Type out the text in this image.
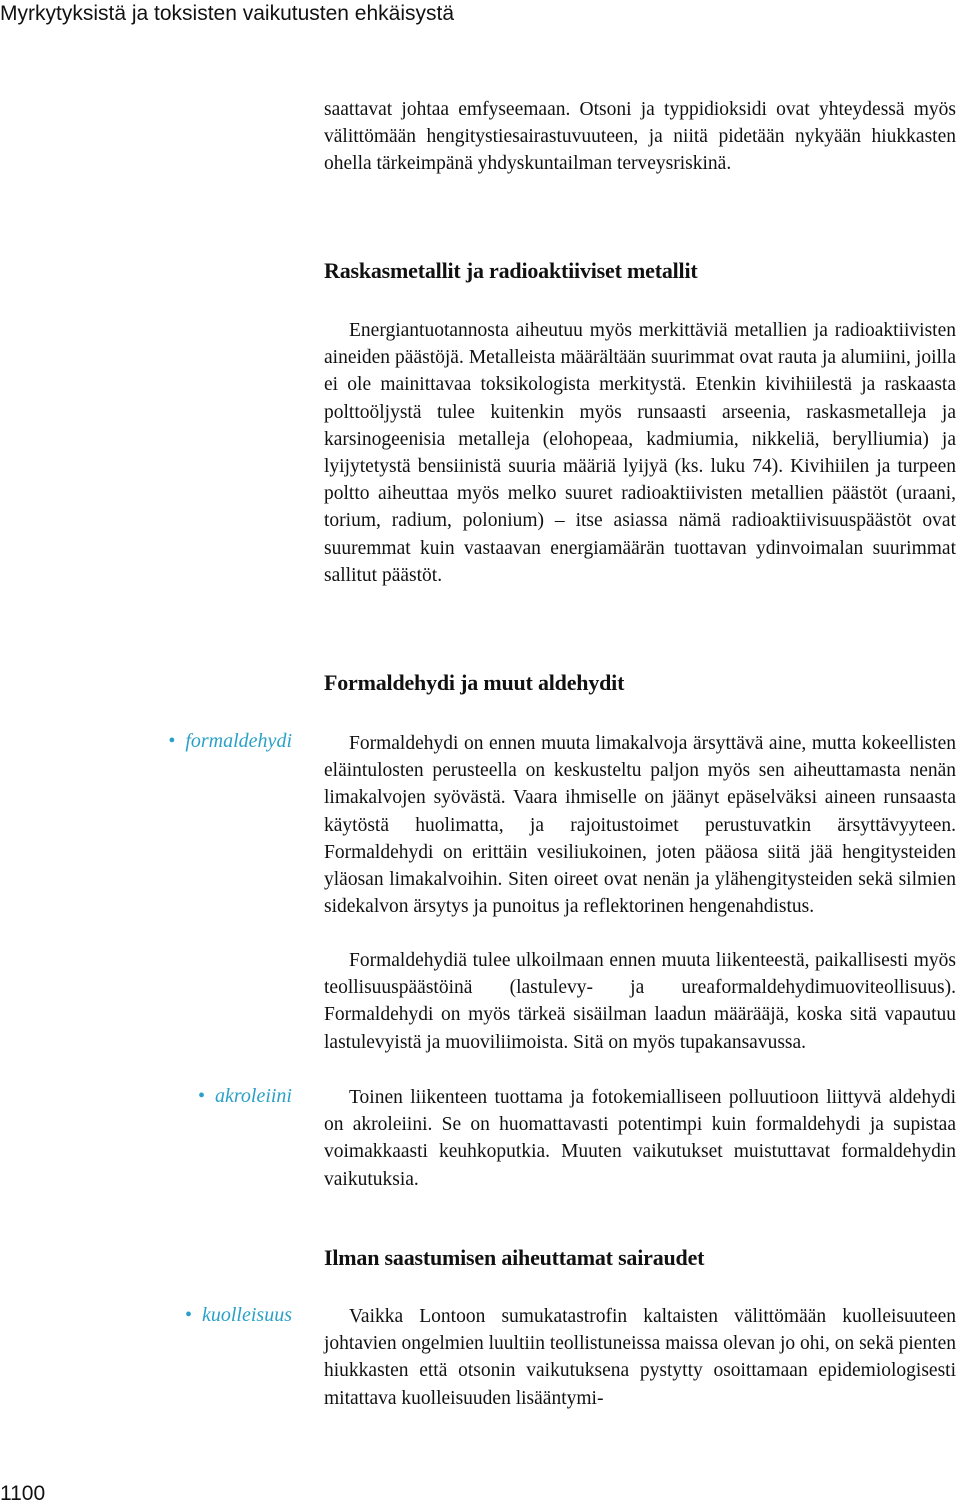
Myrkytyksistä ja toksisten vaikutusten ehkäisystä

saattavat johtaa emfyseemaan. Otsoni ja typpidioksidi ovat yhteydessä myös välittömään hengitystiesairastuvuuteen, ja niitä pidetään nykyään hiukkasten ohella tärkeimpänä yhdyskuntailman terveysriskinä.

Raskasmetallit ja radioaktiiviset metallit

Energiantuotannosta aiheutuu myös merkittäviä metallien ja radioaktiivisten aineiden päästöjä. Metalleista määrältään suurimmat ovat rauta ja alumiini, joilla ei ole mainittavaa toksikologista merkitystä. Etenkin kivihiilestä ja raskaasta polttoöljystä tulee kuitenkin myös runsaasti arseenia, raskasmetalleja ja karsinogeenisia metalleja (elohopeaa, kadmiumia, nikkeliä, berylliumia) ja lyijytetystä bensiinistä suuria määriä lyijyä (ks. luku 74). Kivihiilen ja turpeen poltto aiheuttaa myös melko suuret radioaktiivisten metallien päästöt (uraani, torium, radium, polonium) – itse asiassa nämä radioaktiivisuuspäästöt ovat suuremmat kuin vastaavan energiamäärän tuottavan ydinvoimalan suurimmat sallitut päästöt.

Formaldehydi ja muut aldehydit
• formaldehydi	Formaldehydi on ennen muuta limakalvoja ärsyttävä aine, mutta kokeellisten eläintulosten perusteella on keskusteltu paljon myös sen aiheuttamasta nenän limakalvojen syövästä. Vaara ihmiselle on jäänyt epäselväksi aineen runsaasta käytöstä huolimatta, ja rajoitustoimet perustuvatkin ärsyttävyyteen. Formaldehydi on erittäin vesiliukoinen, joten pääosa siitä jää hengitysteiden yläosan limakalvoihin. Siten oireet ovat nenän ja ylähengitysteiden sekä silmien sidekalvon ärsytys ja punoitus ja reflektorinen hengenahdistus.

Formaldehydiä tulee ulkoilmaan ennen muuta liikenteestä, paikallisesti myös teollisuuspäästöinä (lastulevy- ja ureaformaldehydimuoviteollisuus). Formaldehydi on myös tärkeä sisäilman laadun määrääjä, koska sitä vapautuu lastulevyistä ja muoviliimoista. Sitä on myös tupakansavussa.

• akroleiini	Toinen liikenteen tuottama ja fotokemialliseen polluutioon liittyvä aldehydi on akroleiini. Se on huomattavasti potentimpi kuin formaldehydi ja supistaa voimakkaasti keuhkoputkia. Muuten vaikutukset muistuttavat formaldehydin vaikutuksia.

Ilman saastumisen aiheuttamat sairaudet
• kuolleisuus	Vaikka Lontoon sumukatastrofin kaltaisten välittömään kuolleisuuteen johtavien ongelmien luultiin teollistuneissa maissa olevan jo ohi, on sekä pienten hiukkasten että otsonin vaikutuksena pystytty osoittamaan epidemiologisesti mitattava kuolleisuuden lisääntymi-

1100
